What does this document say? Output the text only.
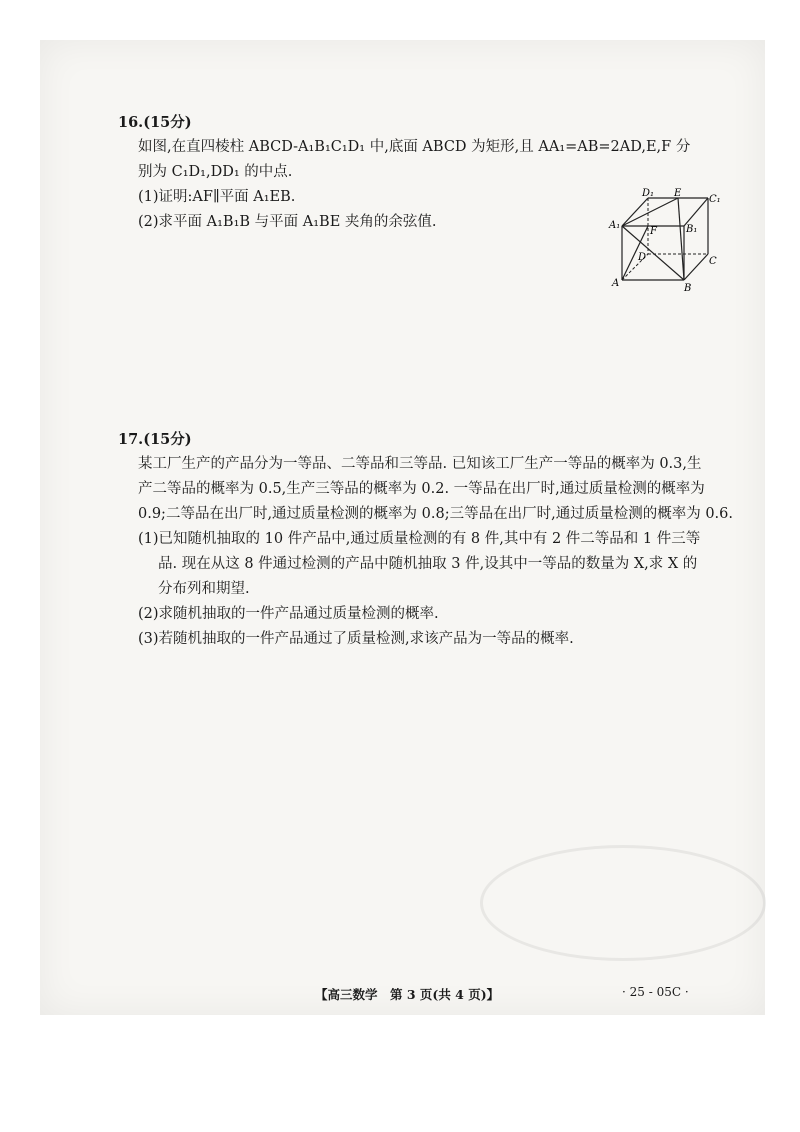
16.(15分)
如图,在直四棱柱 ABCD-A₁B₁C₁D₁ 中,底面 ABCD 为矩形,且 AA₁=AB=2AD,E,F 分
别为 C₁D₁,DD₁ 的中点.
(1)证明:AF∥平面 A₁EB.
(2)求平面 A₁B₁B 与平面 A₁BE 夹角的余弦值.
D₁ E
C₁
A₁
F	B₁
D	C
A	B
17.(15分)
某工厂生产的产品分为一等品、二等品和三等品. 已知该工厂生产一等品的概率为 0.3,生
产二等品的概率为 0.5,生产三等品的概率为 0.2. 一等品在出厂时,通过质量检测的概率为
0.9;二等品在出厂时,通过质量检测的概率为 0.8;三等品在出厂时,通过质量检测的概率为 0.6.
(1)已知随机抽取的 10 件产品中,通过质量检测的有 8 件,其中有 2 件二等品和 1 件三等
品. 现在从这 8 件通过检测的产品中随机抽取 3 件,设其中一等品的数量为 X,求 X 的
分布列和期望.
(2)求随机抽取的一件产品通过质量检测的概率.
(3)若随机抽取的一件产品通过了质量检测,求该产品为一等品的概率.
【高三数学　第 3 页(共 4 页)】	· 25 - 05C ·
